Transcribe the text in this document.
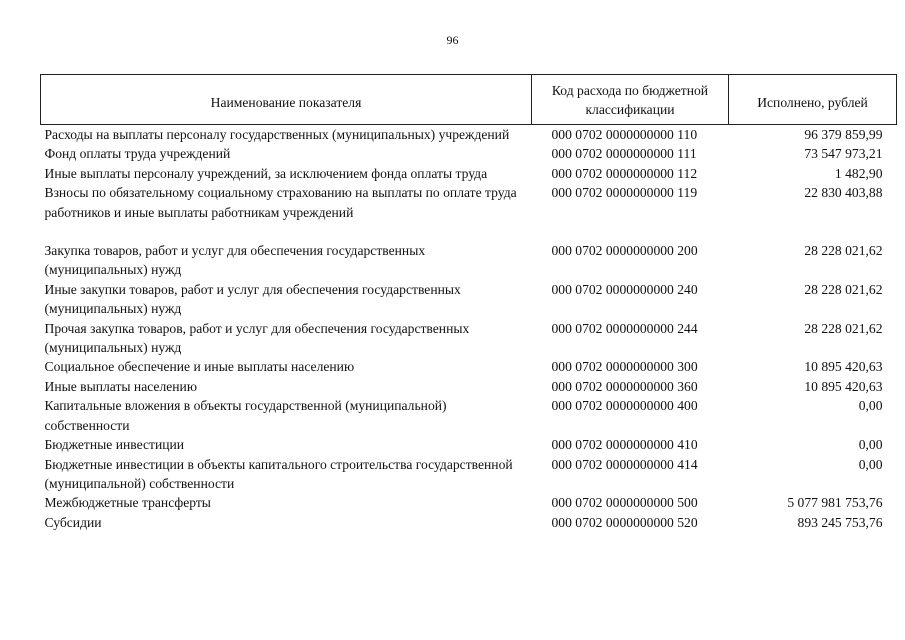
96
Наименование показателя	Код расхода по бюджетной классификации	Исполнено, рублей
Расходы на выплаты персоналу государственных (муниципальных) учреждений	000 0702 0000000000 110	96 379 859,99
Фонд оплаты труда учреждений	000 0702 0000000000 111	73 547 973,21
Иные выплаты персоналу учреждений, за исключением фонда оплаты труда	000 0702 0000000000 112	1 482,90
Взносы по обязательному социальному страхованию на выплаты по оплате труда работников и иные выплаты работникам учреждений	000 0702 0000000000 119	22 830 403,88

Закупка товаров, работ и услуг для обеспечения государственных (муниципальных) нужд	000 0702 0000000000 200	28 228 021,62
Иные закупки товаров, работ и услуг для обеспечения государственных (муниципальных) нужд	000 0702 0000000000 240	28 228 021,62
Прочая закупка товаров, работ и услуг для обеспечения государственных (муниципальных) нужд	000 0702 0000000000 244	28 228 021,62
Социальное обеспечение и иные выплаты населению	000 0702 0000000000 300	10 895 420,63
Иные выплаты населению	000 0702 0000000000 360	10 895 420,63
Капитальные вложения в объекты государственной (муниципальной) собственности	000 0702 0000000000 400	0,00
Бюджетные инвестиции	000 0702 0000000000 410	0,00
Бюджетные инвестиции в объекты капитального строительства государственной (муниципальной) собственности	000 0702 0000000000 414	0,00
Межбюджетные трансферты	000 0702 0000000000 500	5 077 981 753,76
Субсидии	000 0702 0000000000 520	893 245 753,76
